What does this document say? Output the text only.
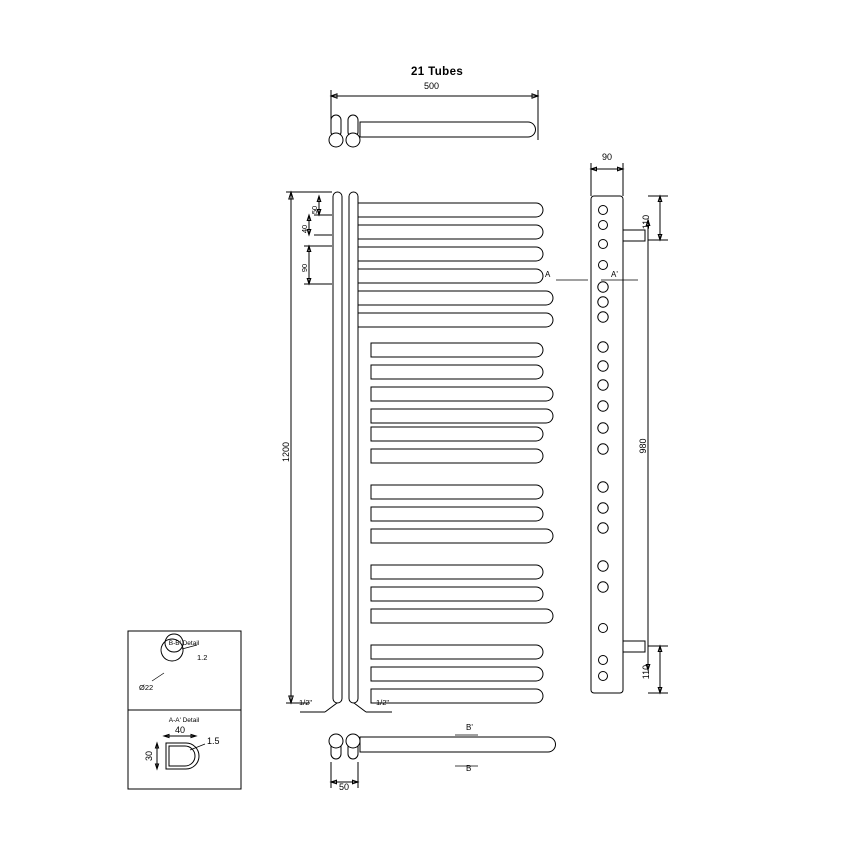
21 Tubes
500
1200
50
40
90
1/2"	1/2"
90
110
980
110
A	A'
B'
B
50
B-B' Detail
1.2
Ø22
A-A' Detail
40
30
1.5
